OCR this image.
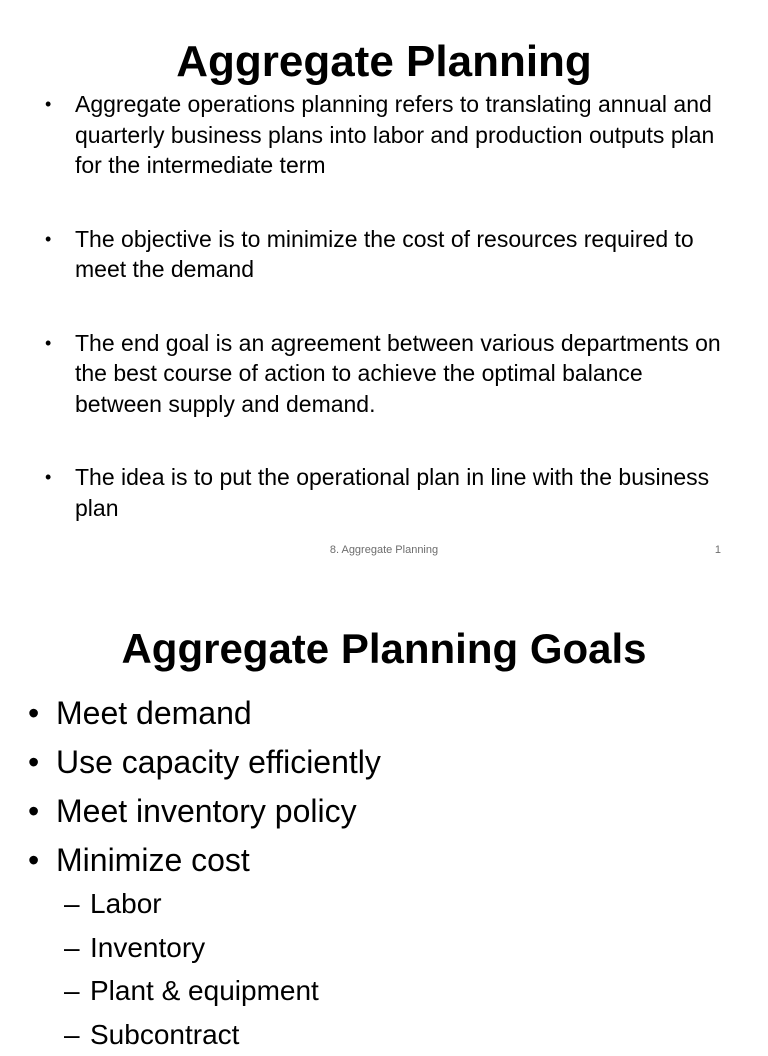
Aggregate Planning
• Aggregate operations planning refers to translating annual and quarterly business plans into labor and production outputs plan for the intermediate term
• The objective is to minimize the cost of resources required to meet the demand
• The end goal is an agreement between various departments on the best course of action to achieve the optimal balance between supply and demand.
• The idea is to put the operational plan in line with the business plan
8. Aggregate Planning	1
Aggregate Planning Goals
• Meet demand
• Use capacity efficiently
• Meet inventory policy
• Minimize cost
– Labor
– Inventory
– Plant & equipment
– Subcontract
